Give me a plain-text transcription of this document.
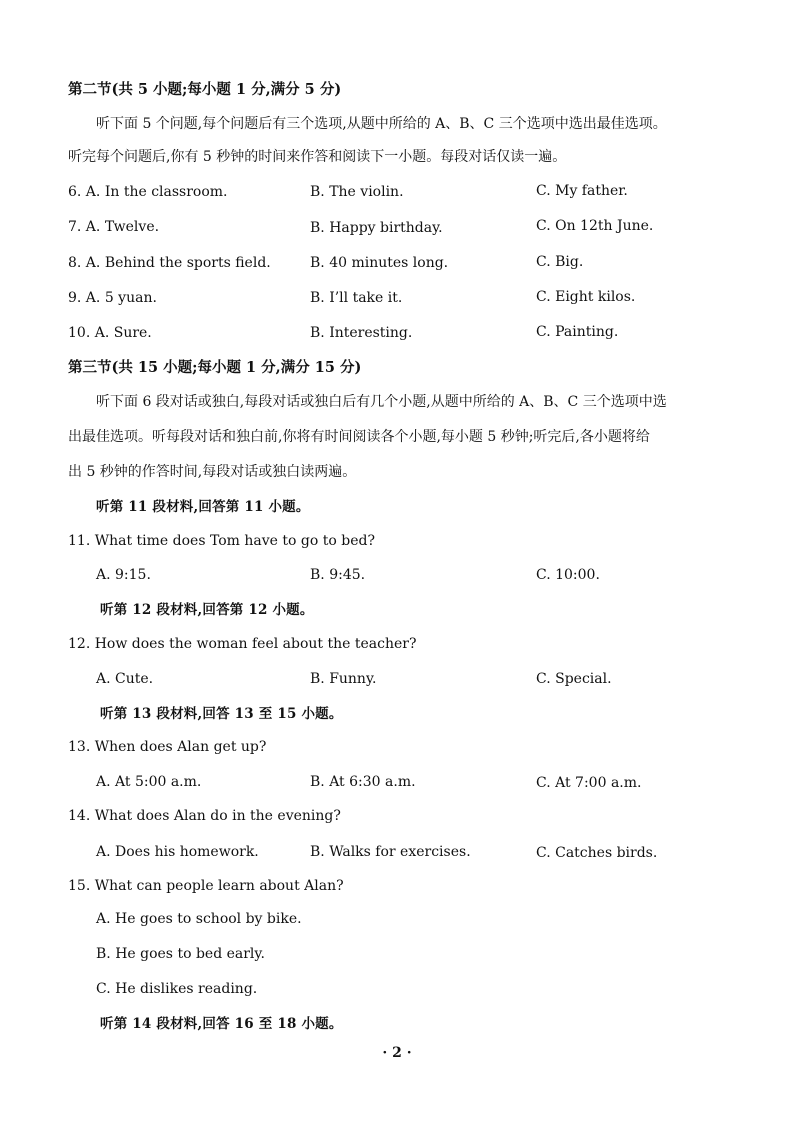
第二节(共 5 小题;每小题 1 分,满分 5 分)
听下面 5 个问题,每个问题后有三个选项,从题中所给的 A、B、C 三个选项中选出最佳选项。
听完每个问题后,你有 5 秒钟的时间来作答和阅读下一小题。每段对话仅读一遍。
6. A. In the classroom.	B. The violin.	C. My father.
7. A. Twelve.	B. Happy birthday.	C. On 12th June.
8. A. Behind the sports field.	B. 40 minutes long.	C. Big.
9. A. 5 yuan.	B. I’ll take it.	C. Eight kilos.
10. A. Sure.	B. Interesting.	C. Painting.
第三节(共 15 小题;每小题 1 分,满分 15 分)
听下面 6 段对话或独白,每段对话或独白后有几个小题,从题中所给的 A、B、C 三个选项中选
出最佳选项。听每段对话和独白前,你将有时间阅读各个小题,每小题 5 秒钟;听完后,各小题将给
出 5 秒钟的作答时间,每段对话或独白读两遍。
听第 11 段材料,回答第 11 小题。
11. What time does Tom have to go to bed?
A. 9:15.	B. 9:45.	C. 10:00.
听第 12 段材料,回答第 12 小题。
12. How does the woman feel about the teacher?
A. Cute.	B. Funny.	C. Special.
听第 13 段材料,回答 13 至 15 小题。
13. When does Alan get up?
A. At 5:00 a.m.	B. At 6:30 a.m.	C. At 7:00 a.m.
14. What does Alan do in the evening?
A. Does his homework.	B. Walks for exercises.	C. Catches birds.
15. What can people learn about Alan?
A. He goes to school by bike.
B. He goes to bed early.
C. He dislikes reading.
听第 14 段材料,回答 16 至 18 小题。
· 2 ·
